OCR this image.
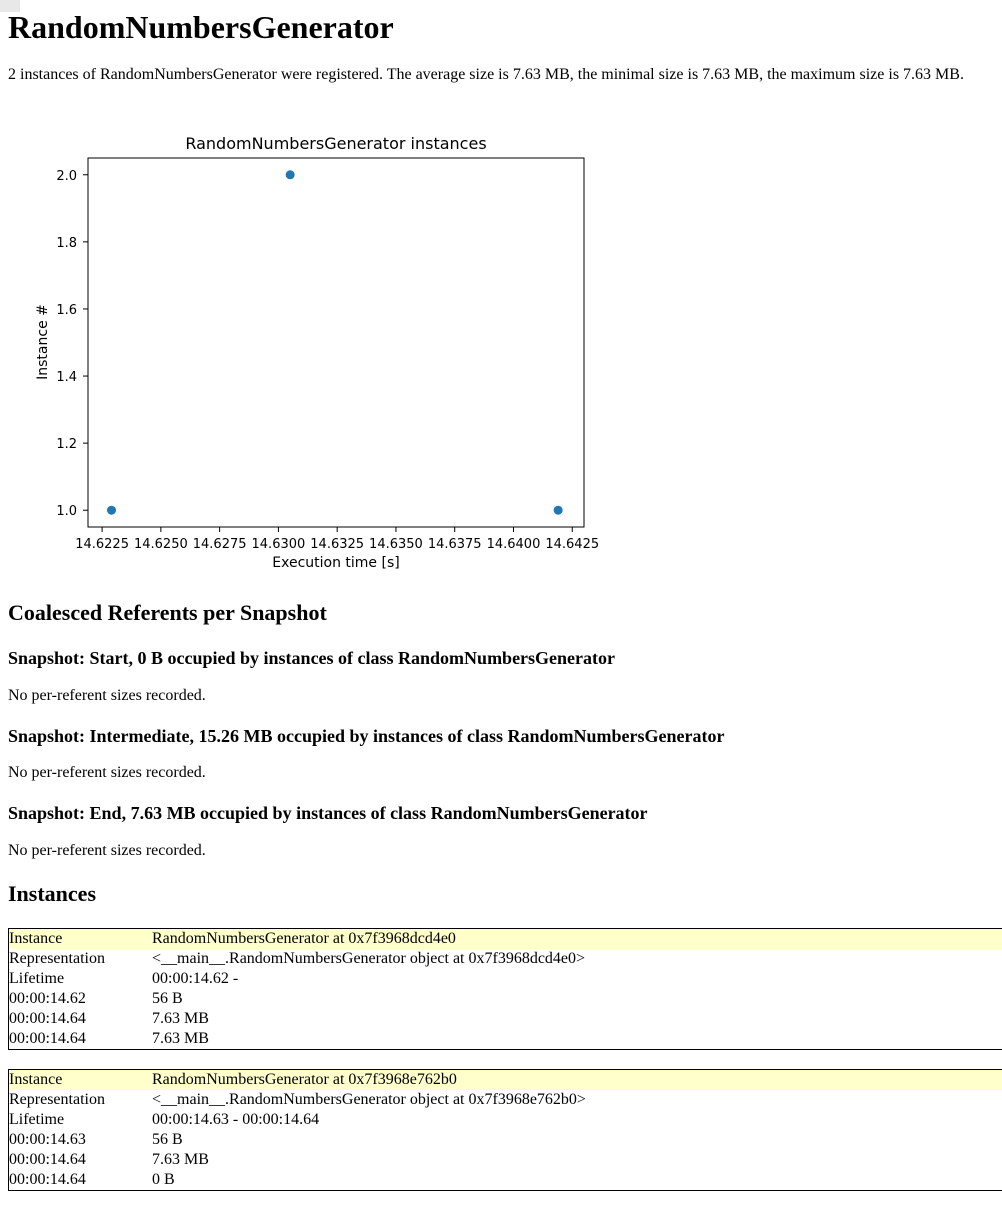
RandomNumbersGenerator

2 instances of RandomNumbersGenerator were registered. The average size is 7.63 MB, the minimal size is 7.63 MB, the maximum size is 7.63 MB.

RandomNumbersGenerator instances
14.6225 14.6250 14.6275 14.6300 14.6325 14.6350 14.6375 14.6400 14.6425
1.0
1.2
1.4
1.6
1.8
2.0
Execution time [s]
Instance #
Coalesced Referents per Snapshot
Snapshot: Start, 0 B occupied by instances of class RandomNumbersGenerator

No per-referent sizes recorded.

Snapshot: Intermediate, 15.26 MB occupied by instances of class RandomNumbersGenerator

No per-referent sizes recorded.

Snapshot: End, 7.63 MB occupied by instances of class RandomNumbersGenerator

No per-referent sizes recorded.

Instances
Instance	RandomNumbersGenerator at 0x7f3968dcd4e0
Representation	<__main__.RandomNumbersGenerator object at 0x7f3968dcd4e0>
Lifetime	00:00:14.62 -
00:00:14.62	56 B
00:00:14.64	7.63 MB
00:00:14.64	7.63 MB
Instance	RandomNumbersGenerator at 0x7f3968e762b0
Representation	<__main__.RandomNumbersGenerator object at 0x7f3968e762b0>
Lifetime	00:00:14.63 - 00:00:14.64
00:00:14.63	56 B
00:00:14.64	7.63 MB
00:00:14.64	0 B
